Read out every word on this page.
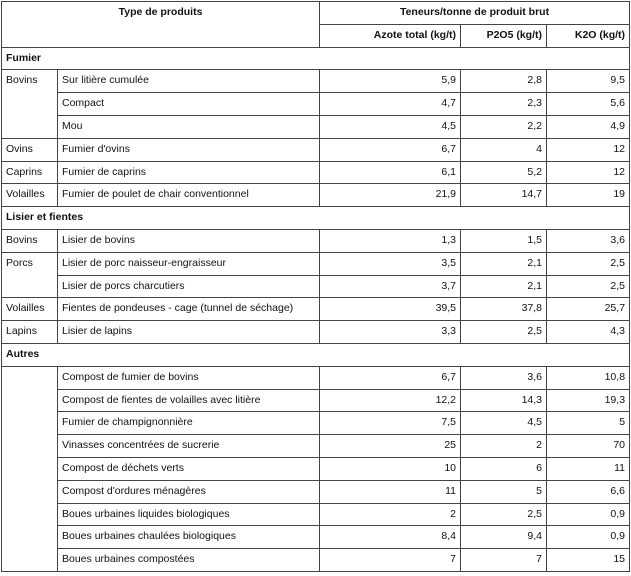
Type de produits		Teneurs/tonne de produit brut		
		Azote total (kg/t)	P2O5 (kg/t)	K2O (kg/t)
Fumier				
Bovins	Sur litière cumulée	5,9	2,8	9,5
	Compact	4,7	2,3	5,6
	Mou	4,5	2,2	4,9
Ovins	Fumier d'ovins	6,7	4	12
Caprins	Fumier de caprins	6,1	5,2	12
Volailles	Fumier de poulet de chair conventionnel	21,9	14,7	19
Lisier et fientes				
Bovins	Lisier de bovins	1,3	1,5	3,6
Porcs	Lisier de porc naisseur-engraisseur	3,5	2,1	2,5
	Lisier de porcs charcutiers	3,7	2,1	2,5
Volailles	Fientes de pondeuses - cage (tunnel de séchage)	39,5	37,8	25,7
Lapins	Lisier de lapins	3,3	2,5	4,3
Autres				
	Compost de fumier de bovins	6,7	3,6	10,8
	Compost de fientes de volailles avec litière	12,2	14,3	19,3
	Fumier de champignonnière	7,5	4,5	5
	Vinasses concentrées de sucrerie	25	2	70
	Compost de déchets verts	10	6	11
	Compost d'ordures ménagères	11	5	6,6
	Boues urbaines liquides biologiques	2	2,5	0,9
	Boues urbaines chaulées biologiques	8,4	9,4	0,9
	Boues urbaines compostées	7	7	15
